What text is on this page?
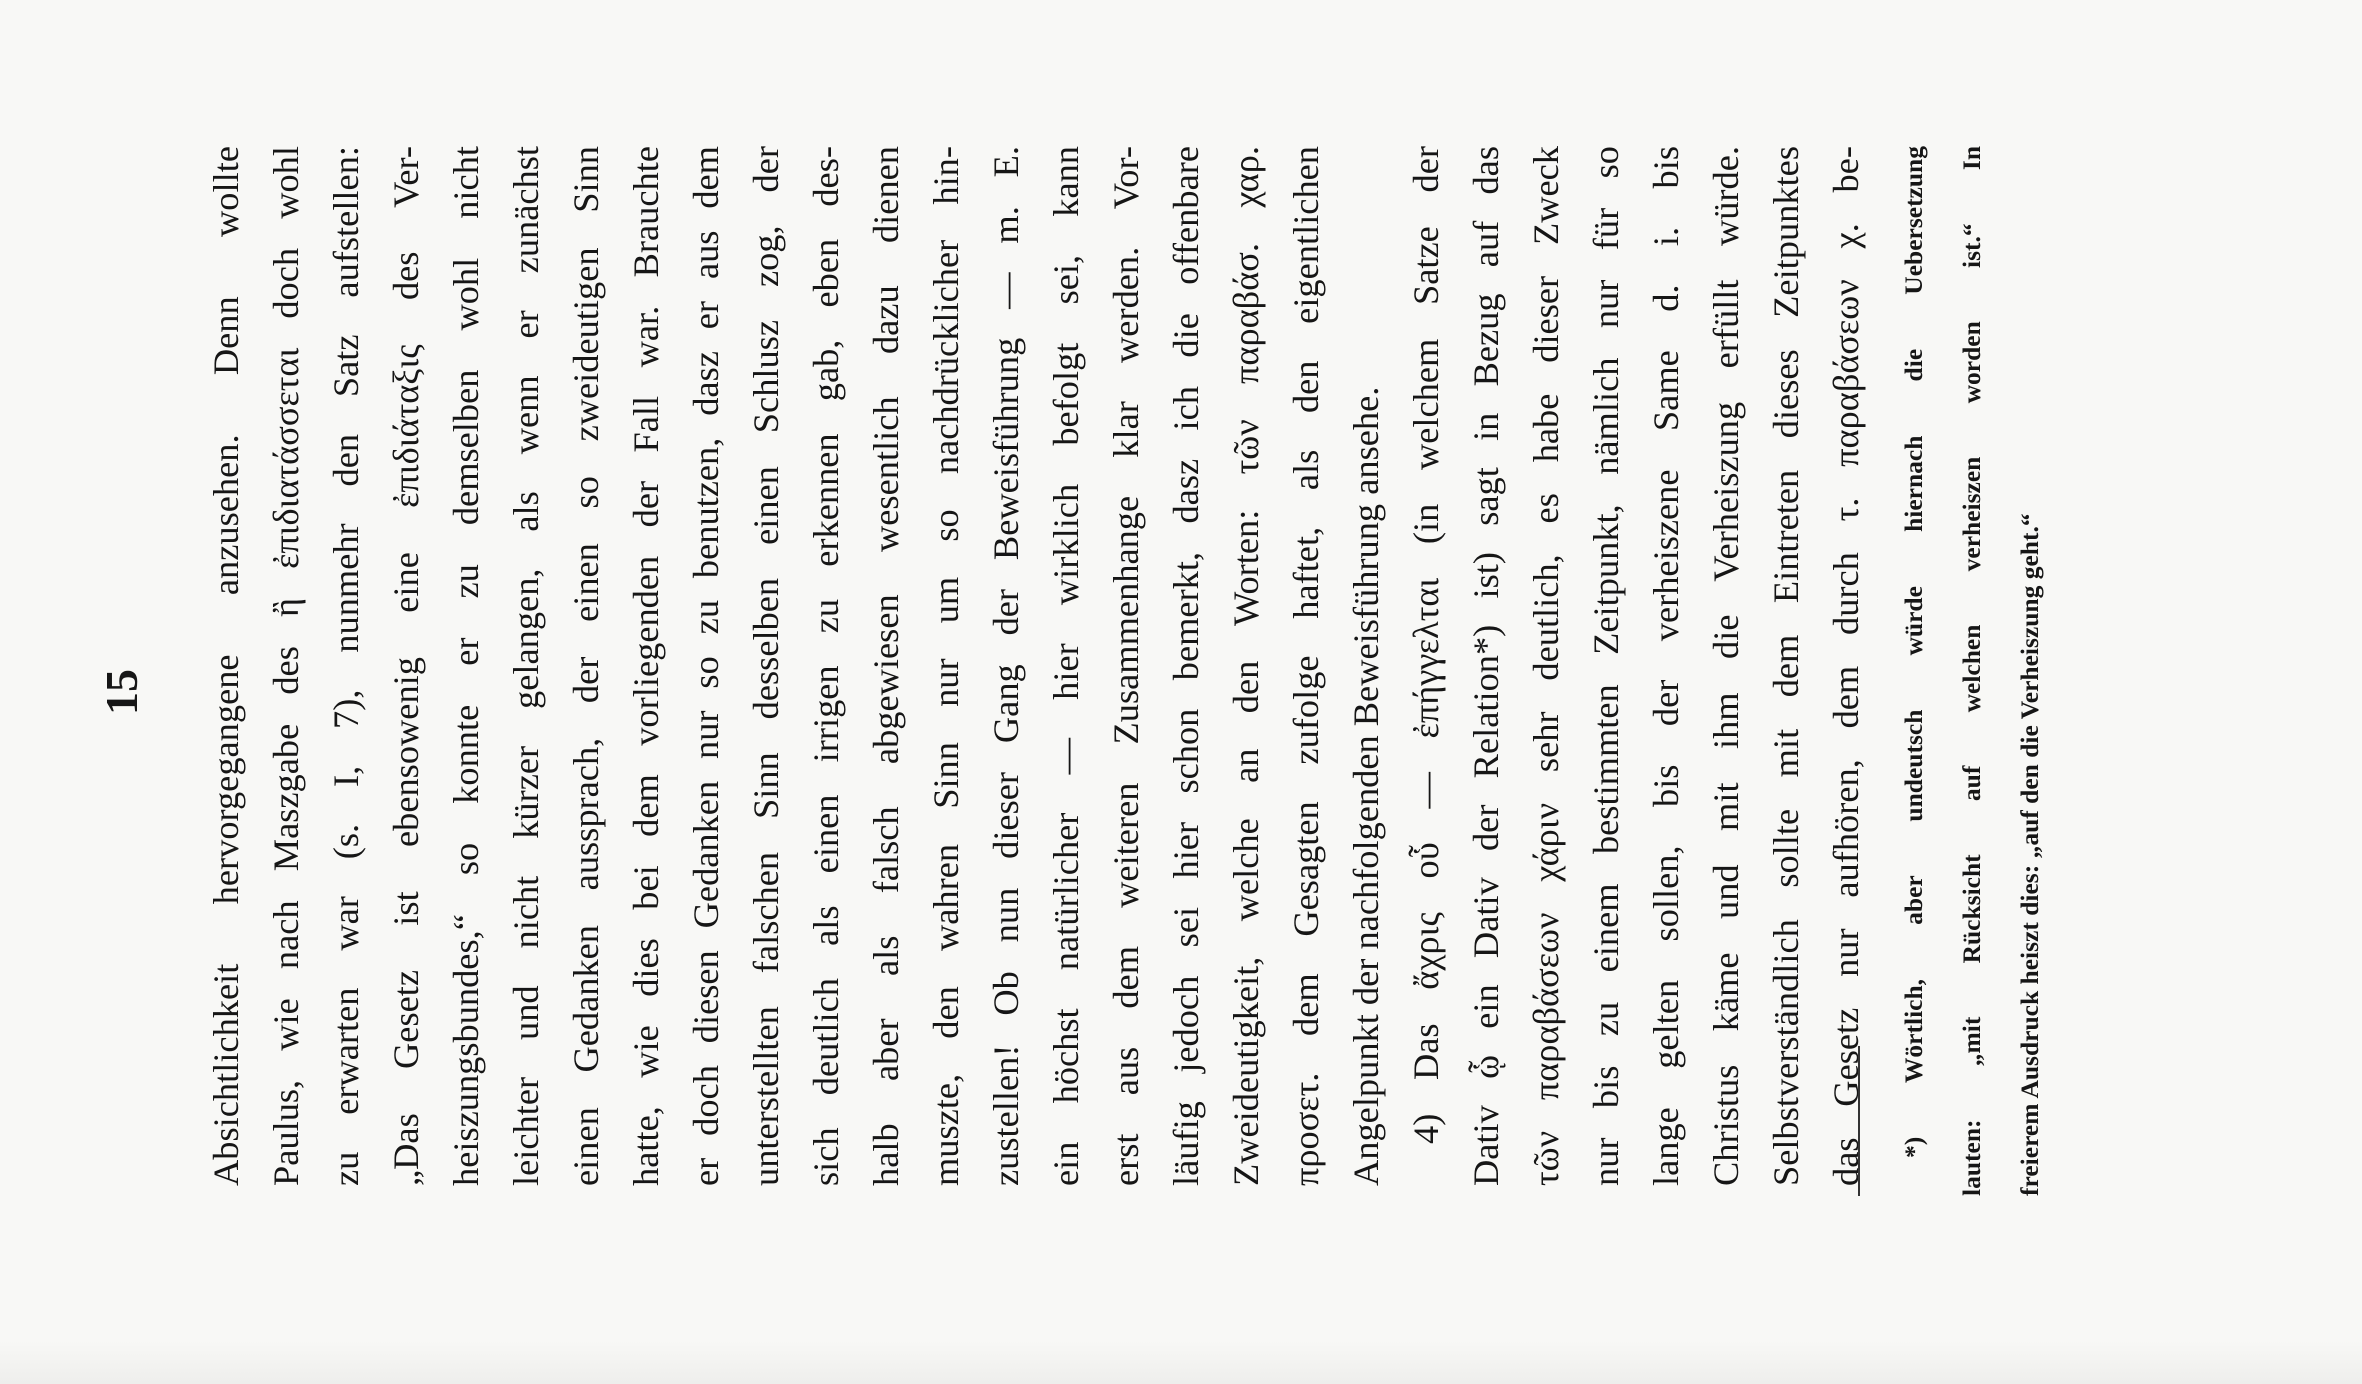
15 Absichtlichkeit hervorgegangene anzusehen. Denn wollte Paulus, wie nach Maszgabe des ἢ ἐπιδιατάσσεται doch wohl zu erwarten war (s. I, 7), nunmehr den Satz aufstellen: „Das Gesetz ist ebensowenig eine ἐπιδιάταξις des Ver- heiszungsbundes,“ so konnte er zu demselben wohl nicht leichter und nicht kürzer gelangen, als wenn er zunächst einen Gedanken aussprach, der einen so zweideutigen Sinn hatte, wie dies bei dem vorliegenden der Fall war. Brauchte er doch diesen Gedanken nur so zu benutzen, dasz er aus dem unterstellten falschen Sinn desselben einen Schlusz zog, der sich deutlich als einen irrigen zu erkennen gab, eben des- halb aber als falsch abgewiesen wesentlich dazu dienen muszte, den wahren Sinn nur um so nachdrücklicher hin- zustellen! Ob nun dieser Gang der Beweisführung — m. E. ein höchst natürlicher — hier wirklich befolgt sei, kann erst aus dem weiteren Zusammenhange klar werden. Vor- läufig jedoch sei hier schon bemerkt, dasz ich die offenbare Zweideutigkeit, welche an den Worten: τῶν παραβάσ. χαρ. προσετ. dem Gesagten zufolge haftet, als den eigentlichen Angelpunkt der nachfolgenden Beweisführung ansehe. 4) Das ἄχρις οὗ — ἐπήγγελται (in welchem Satze der Dativ ᾧ ein Dativ der Relation*) ist) sagt in Bezug auf das τῶν παραβάσεων χάριν sehr deutlich, es habe dieser Zweck nur bis zu einem bestimmten Zeitpunkt, nämlich nur für so lange gelten sollen, bis der verheiszene Same d. i. bis Christus käme und mit ihm die Verheiszung erfüllt würde. Selbstverständlich sollte mit dem Eintreten dieses Zeitpunktes das Gesetz nur aufhören, dem durch τ. παραβάσεων χ. be-	*) Wörtlich, aber undeutsch würde hiernach die Uebersetzung	lauten: „mit Rücksicht auf welchen verheiszen worden ist.“ In	freierem Ausdruck heiszt dies: „auf den die Verheiszung geht.“
